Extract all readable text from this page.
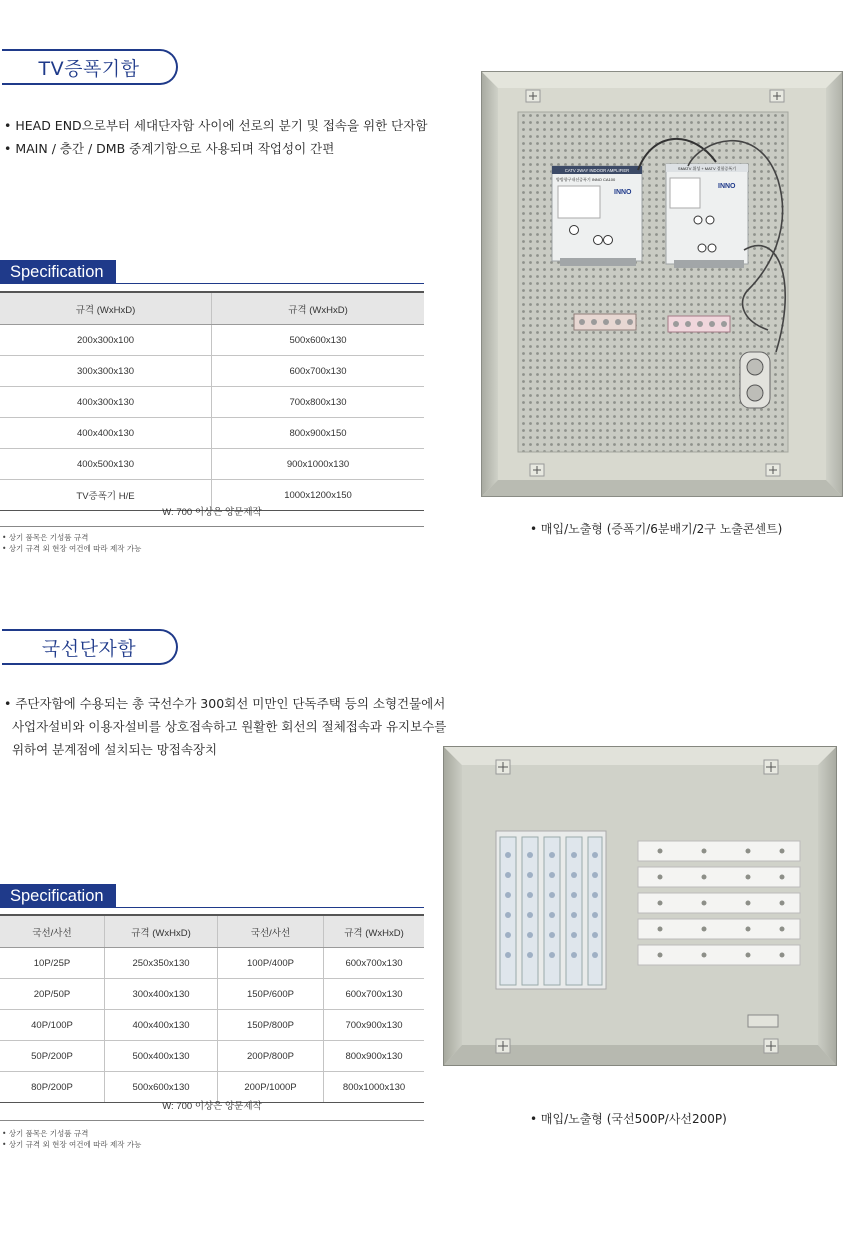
TV증폭기함

• HEAD END으로부터 세대단자함 사이에 선로의 분기 및 접속을 위한 단자함

• MAIN / 층간 / DMB 중계기함으로 사용되며 작업성이 간편

Specification
규격 (WxHxD)	규격 (WxHxD)
200x300x100	500x600x130
300x300x130	600x700x130
400x300x130	700x800x130
400x400x130	800x900x150
400x500x130	900x1000x130
TV증폭기 H/E	1000x1200x150
W: 700 이상은 양문제작

• 상기 품목은 기성품 규격

• 상기 규격 외 현장 여건에 따라 제작 가능

CATV 2WAY INDOOR AMPLIFIER
양방향구내선증폭기 INNO CA100
INNO
SMATV 위성 + MATV 결합증폭기
INNO
• 매입/노출형 (증폭기/6분배기/2구 노출콘센트)
국선단자함

• 주단자함에 수용되는 총 국선수가 300회선 미만인 단독주택 등의 소형건물에서

사업자설비와 이용자설비를 상호접속하고 원활한 회선의 절체접속과 유지보수를

위하여 분계점에 설치되는 망접속장치

Specification
국선/사선	규격 (WxHxD)	국선/사선	규격 (WxHxD)
10P/25P	250x350x130	100P/400P	600x700x130
20P/50P	300x400x130	150P/600P	600x700x130
40P/100P	400x400x130	150P/800P	700x900x130
50P/200P	500x400x130	200P/800P	800x900x130
80P/200P	500x600x130	200P/1000P	800x1000x130
W: 700 이상은 양문제작

• 상기 품목은 기성품 규격

• 상기 규격 외 현장 여건에 따라 제작 가능

• 매입/노출형 (국선500P/사선200P)
